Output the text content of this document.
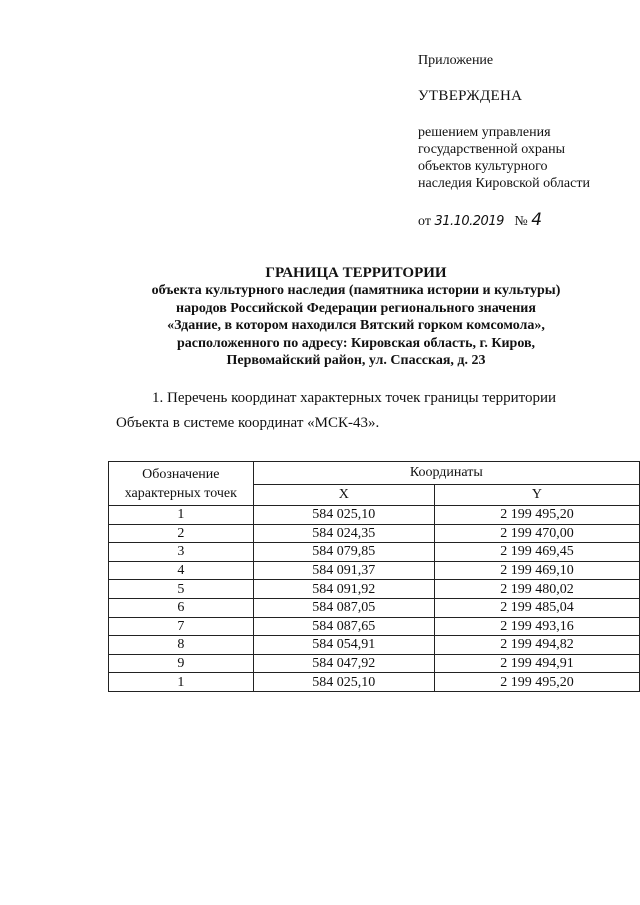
Приложение
УТВЕРЖДЕНА
решением управления
государственной охраны
объектов культурного
наследия Кировской области
от 31.10.2019 № 4
ГРАНИЦА ТЕРРИТОРИИ
объекта культурного наследия (памятника истории и культуры)
народов Российской Федерации регионального значения
«Здание, в котором находился Вятский горком комсомола»,
расположенного по адресу: Кировская область, г. Киров,
Первомайский район, ул. Спасская, д. 23
1. Перечень координат характерных точек границы территории
Объекта в системе координат «МСК-43».
Обозначение
характерных точек	Координаты	
	X	Y
1	584 025,10	2 199 495,20
2	584 024,35	2 199 470,00
3	584 079,85	2 199 469,45
4	584 091,37	2 199 469,10
5	584 091,92	2 199 480,02
6	584 087,05	2 199 485,04
7	584 087,65	2 199 493,16
8	584 054,91	2 199 494,82
9	584 047,92	2 199 494,91
1	584 025,10	2 199 495,20
